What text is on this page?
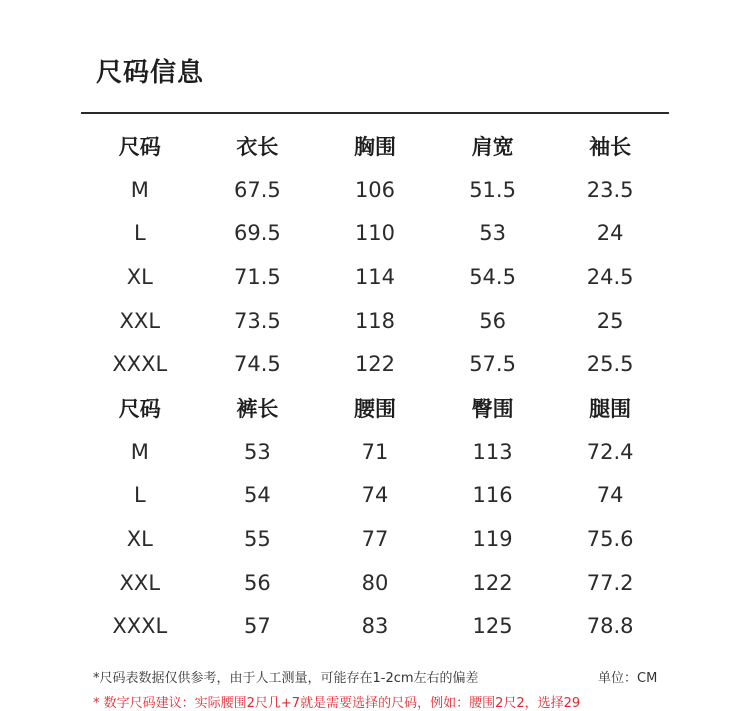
尺码信息
尺码	衣长	胸围	肩宽	袖长
M	67.5	106	51.5	23.5
L	69.5	110	53	24
XL	71.5	114	54.5	24.5
XXL	73.5	118	56	25
XXXL	74.5	122	57.5	25.5
尺码	裤长	腰围	臀围	腿围
M	53	71	113	72.4
L	54	74	116	74
XL	55	77	119	75.6
XXL	56	80	122	77.2
XXXL	57	83	125	78.8
*尺码表数据仅供参考，由于人工测量，可能存在1-2cm左右的偏差	单位：CM
* 数字尺码建议：实际腰围2尺几+7就是需要选择的尺码，例如：腰围2尺2，选择29
